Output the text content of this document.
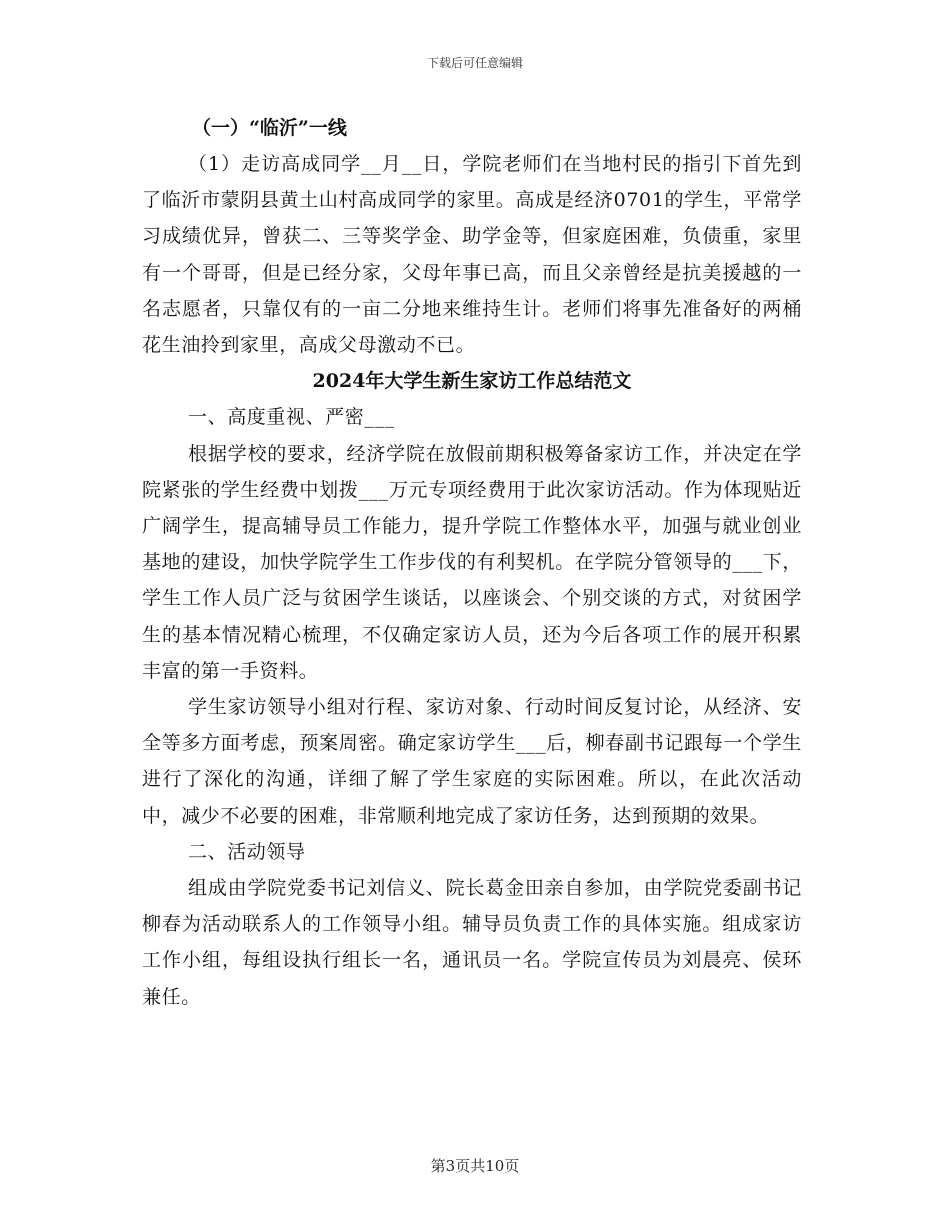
下载后可任意编辑

（一）“临沂”一线

（1）走访高成同学__月__日，学院老师们在当地村民的指引下首先到了临沂市蒙阴县黄土山村高成同学的家里。高成是经济0701的学生，平常学习成绩优异，曾获二、三等奖学金、助学金等，但家庭困难，负债重，家里有一个哥哥，但是已经分家，父母年事已高，而且父亲曾经是抗美援越的一名志愿者，只靠仅有的一亩二分地来维持生计。老师们将事先准备好的两桶花生油拎到家里，高成父母激动不已。

2024年大学生新生家访工作总结范文

一、高度重视、严密___

根据学校的要求，经济学院在放假前期积极筹备家访工作，并决定在学院紧张的学生经费中划拨___万元专项经费用于此次家访活动。作为体现贴近广阔学生，提高辅导员工作能力，提升学院工作整体水平，加强与就业创业基地的建设，加快学院学生工作步伐的有利契机。在学院分管领导的___下，学生工作人员广泛与贫困学生谈话，以座谈会、个别交谈的方式，对贫困学生的基本情况精心梳理，不仅确定家访人员，还为今后各项工作的展开积累丰富的第一手资料。

学生家访领导小组对行程、家访对象、行动时间反复讨论，从经济、安全等多方面考虑，预案周密。确定家访学生___后，柳春副书记跟每一个学生进行了深化的沟通，详细了解了学生家庭的实际困难。所以，在此次活动中，减少不必要的困难，非常顺利地完成了家访任务，达到预期的效果。

二、活动领导

组成由学院党委书记刘信义、院长葛金田亲自参加，由学院党委副书记柳春为活动联系人的工作领导小组。辅导员负责工作的具体实施。组成家访工作小组，每组设执行组长一名，通讯员一名。学院宣传员为刘晨亮、侯环兼任。

第3页共10页
